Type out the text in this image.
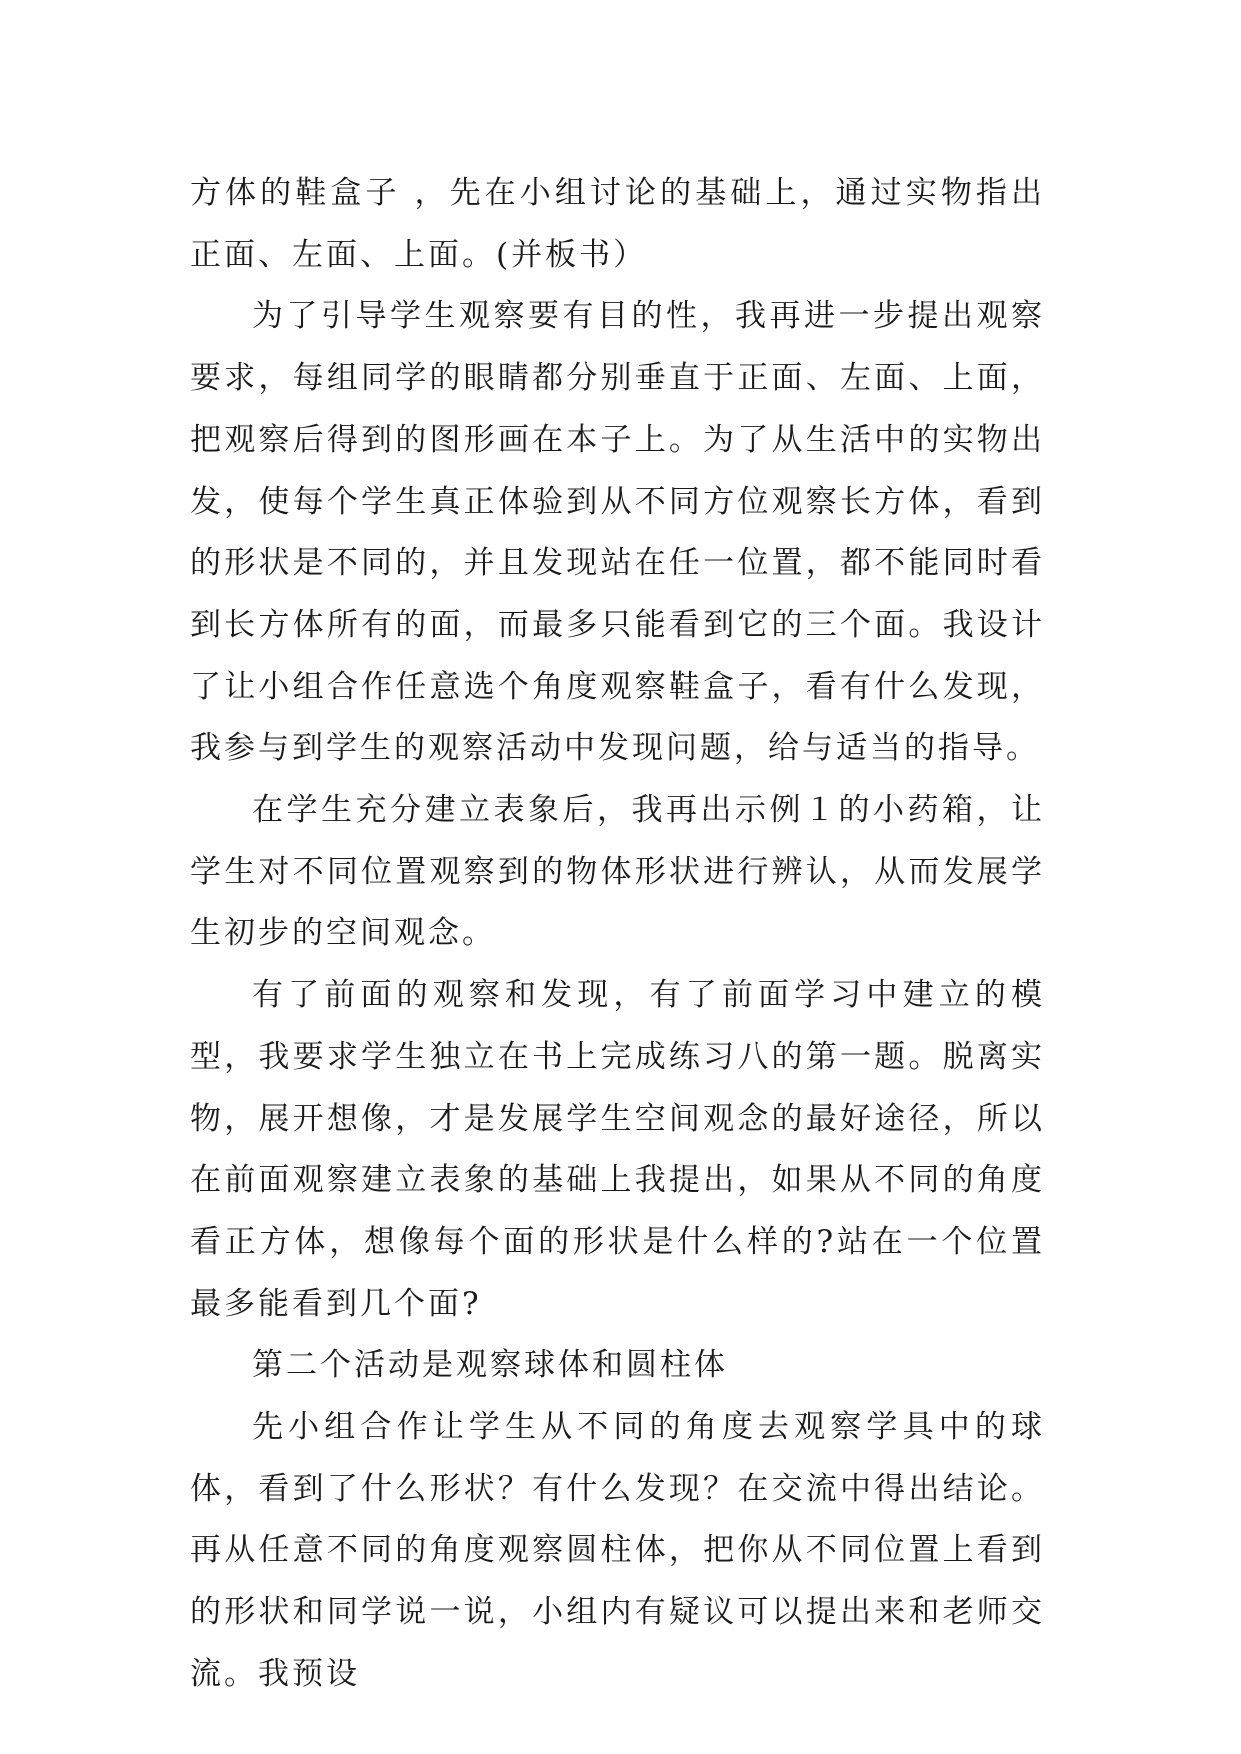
方体的鞋盒子 ，先在小组讨论的基础上，通过实物指出正面、左面、上面。(并板书）

为了引导学生观察要有目的性，我再进一步提出观察要求，每组同学的眼睛都分别垂直于正面、左面、上面，把观察后得到的图形画在本子上。为了从生活中的实物出发，使每个学生真正体验到从不同方位观察长方体，看到的形状是不同的，并且发现站在任一位置，都不能同时看到长方体所有的面，而最多只能看到它的三个面。我设计了让小组合作任意选个角度观察鞋盒子，看有什么发现，我参与到学生的观察活动中发现问题，给与适当的指导。

在学生充分建立表象后，我再出示例１的小药箱，让学生对不同位置观察到的物体形状进行辨认，从而发展学生初步的空间观念。

有了前面的观察和发现，有了前面学习中建立的模型，我要求学生独立在书上完成练习八的第一题。脱离实物，展开想像，才是发展学生空间观念的最好途径，所以在前面观察建立表象的基础上我提出，如果从不同的角度看正方体，想像每个面的形状是什么样的?站在一个位置最多能看到几个面?

第二个活动是观察球体和圆柱体

先小组合作让学生从不同的角度去观察学具中的球体，看到了什么形状？有什么发现？在交流中得出结论。再从任意不同的角度观察圆柱体，把你从不同位置上看到的形状和同学说一说，小组内有疑议可以提出来和老师交流。我预设
